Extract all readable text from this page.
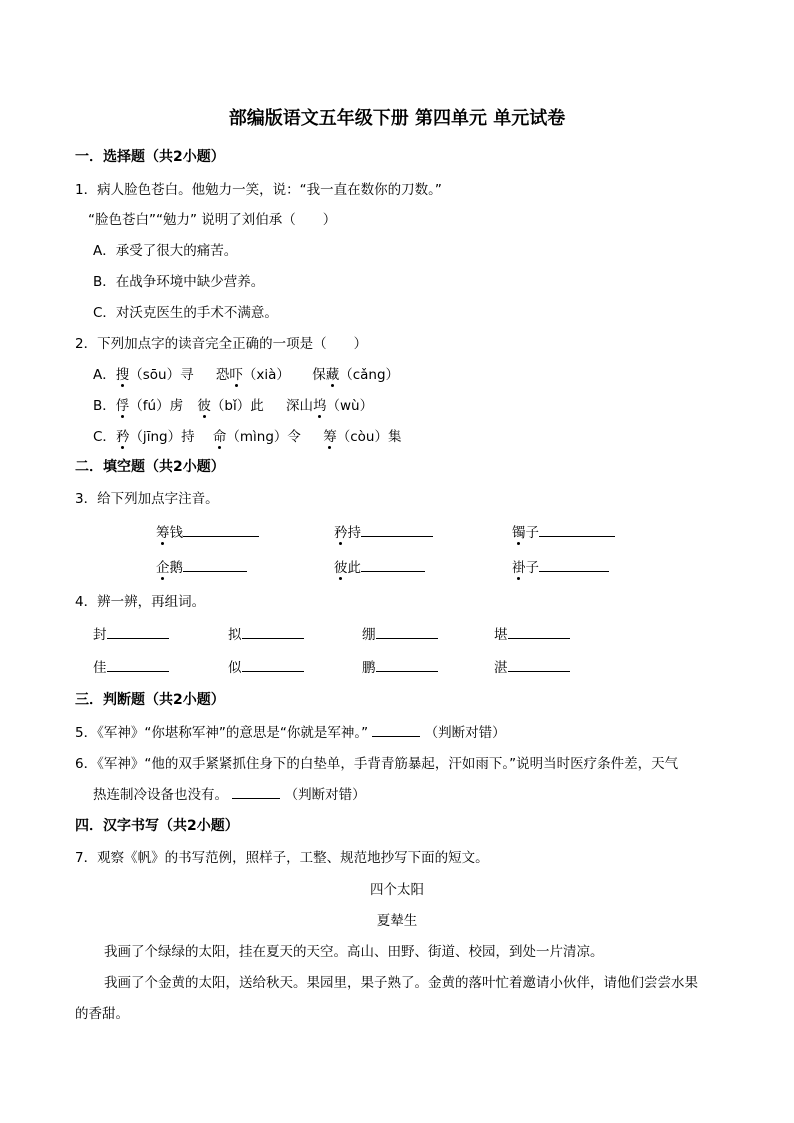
部编版语文五年级下册 第四单元 单元试卷
一．选择题（共2小题）
1．病人脸色苍白。他勉力一笑，说：“我一直在数你的刀数。”
“脸色苍白”“勉力” 说明了刘伯承（　　）
A．承受了很大的痛苦。
B．在战争环境中缺少营养。
C．对沃克医生的手术不满意。
2．下列加点字的读音完全正确的一项是（　　）
A．搜（sōu）寻 恐吓（xià） 保藏（cǎng）
B．俘（fú）虏 彼（bǐ）此 深山坞（wù）
C．矜（jīng）持 命（mìng）令 筹（còu）集
二．填空题（共2小题）
3．给下列加点字注音。
筹钱	矜持	镯子
企鹅	彼此	褂子
4．辨一辨，再组词。
封	拟	绷	堪
佳	似	鹏	湛
三．判断题（共2小题）
5．《军神》“你堪称军神”的意思是“你就是军神。”	（判断对错）
6．《军神》“他的双手紧紧抓住身下的白垫单，手背青筋暴起，汗如雨下。”说明当时医疗条件差，天气
热连制冷设备也没有。	（判断对错）
四．汉字书写（共2小题）
7．观察《帆》的书写范例，照样子，工整、规范地抄写下面的短文。
四个太阳
夏辇生
我画了个绿绿的太阳，挂在夏天的天空。高山、田野、街道、校园，到处一片清凉。
我画了个金黄的太阳，送给秋天。果园里，果子熟了。金黄的落叶忙着邀请小伙伴，请他们尝尝水果
的香甜。
